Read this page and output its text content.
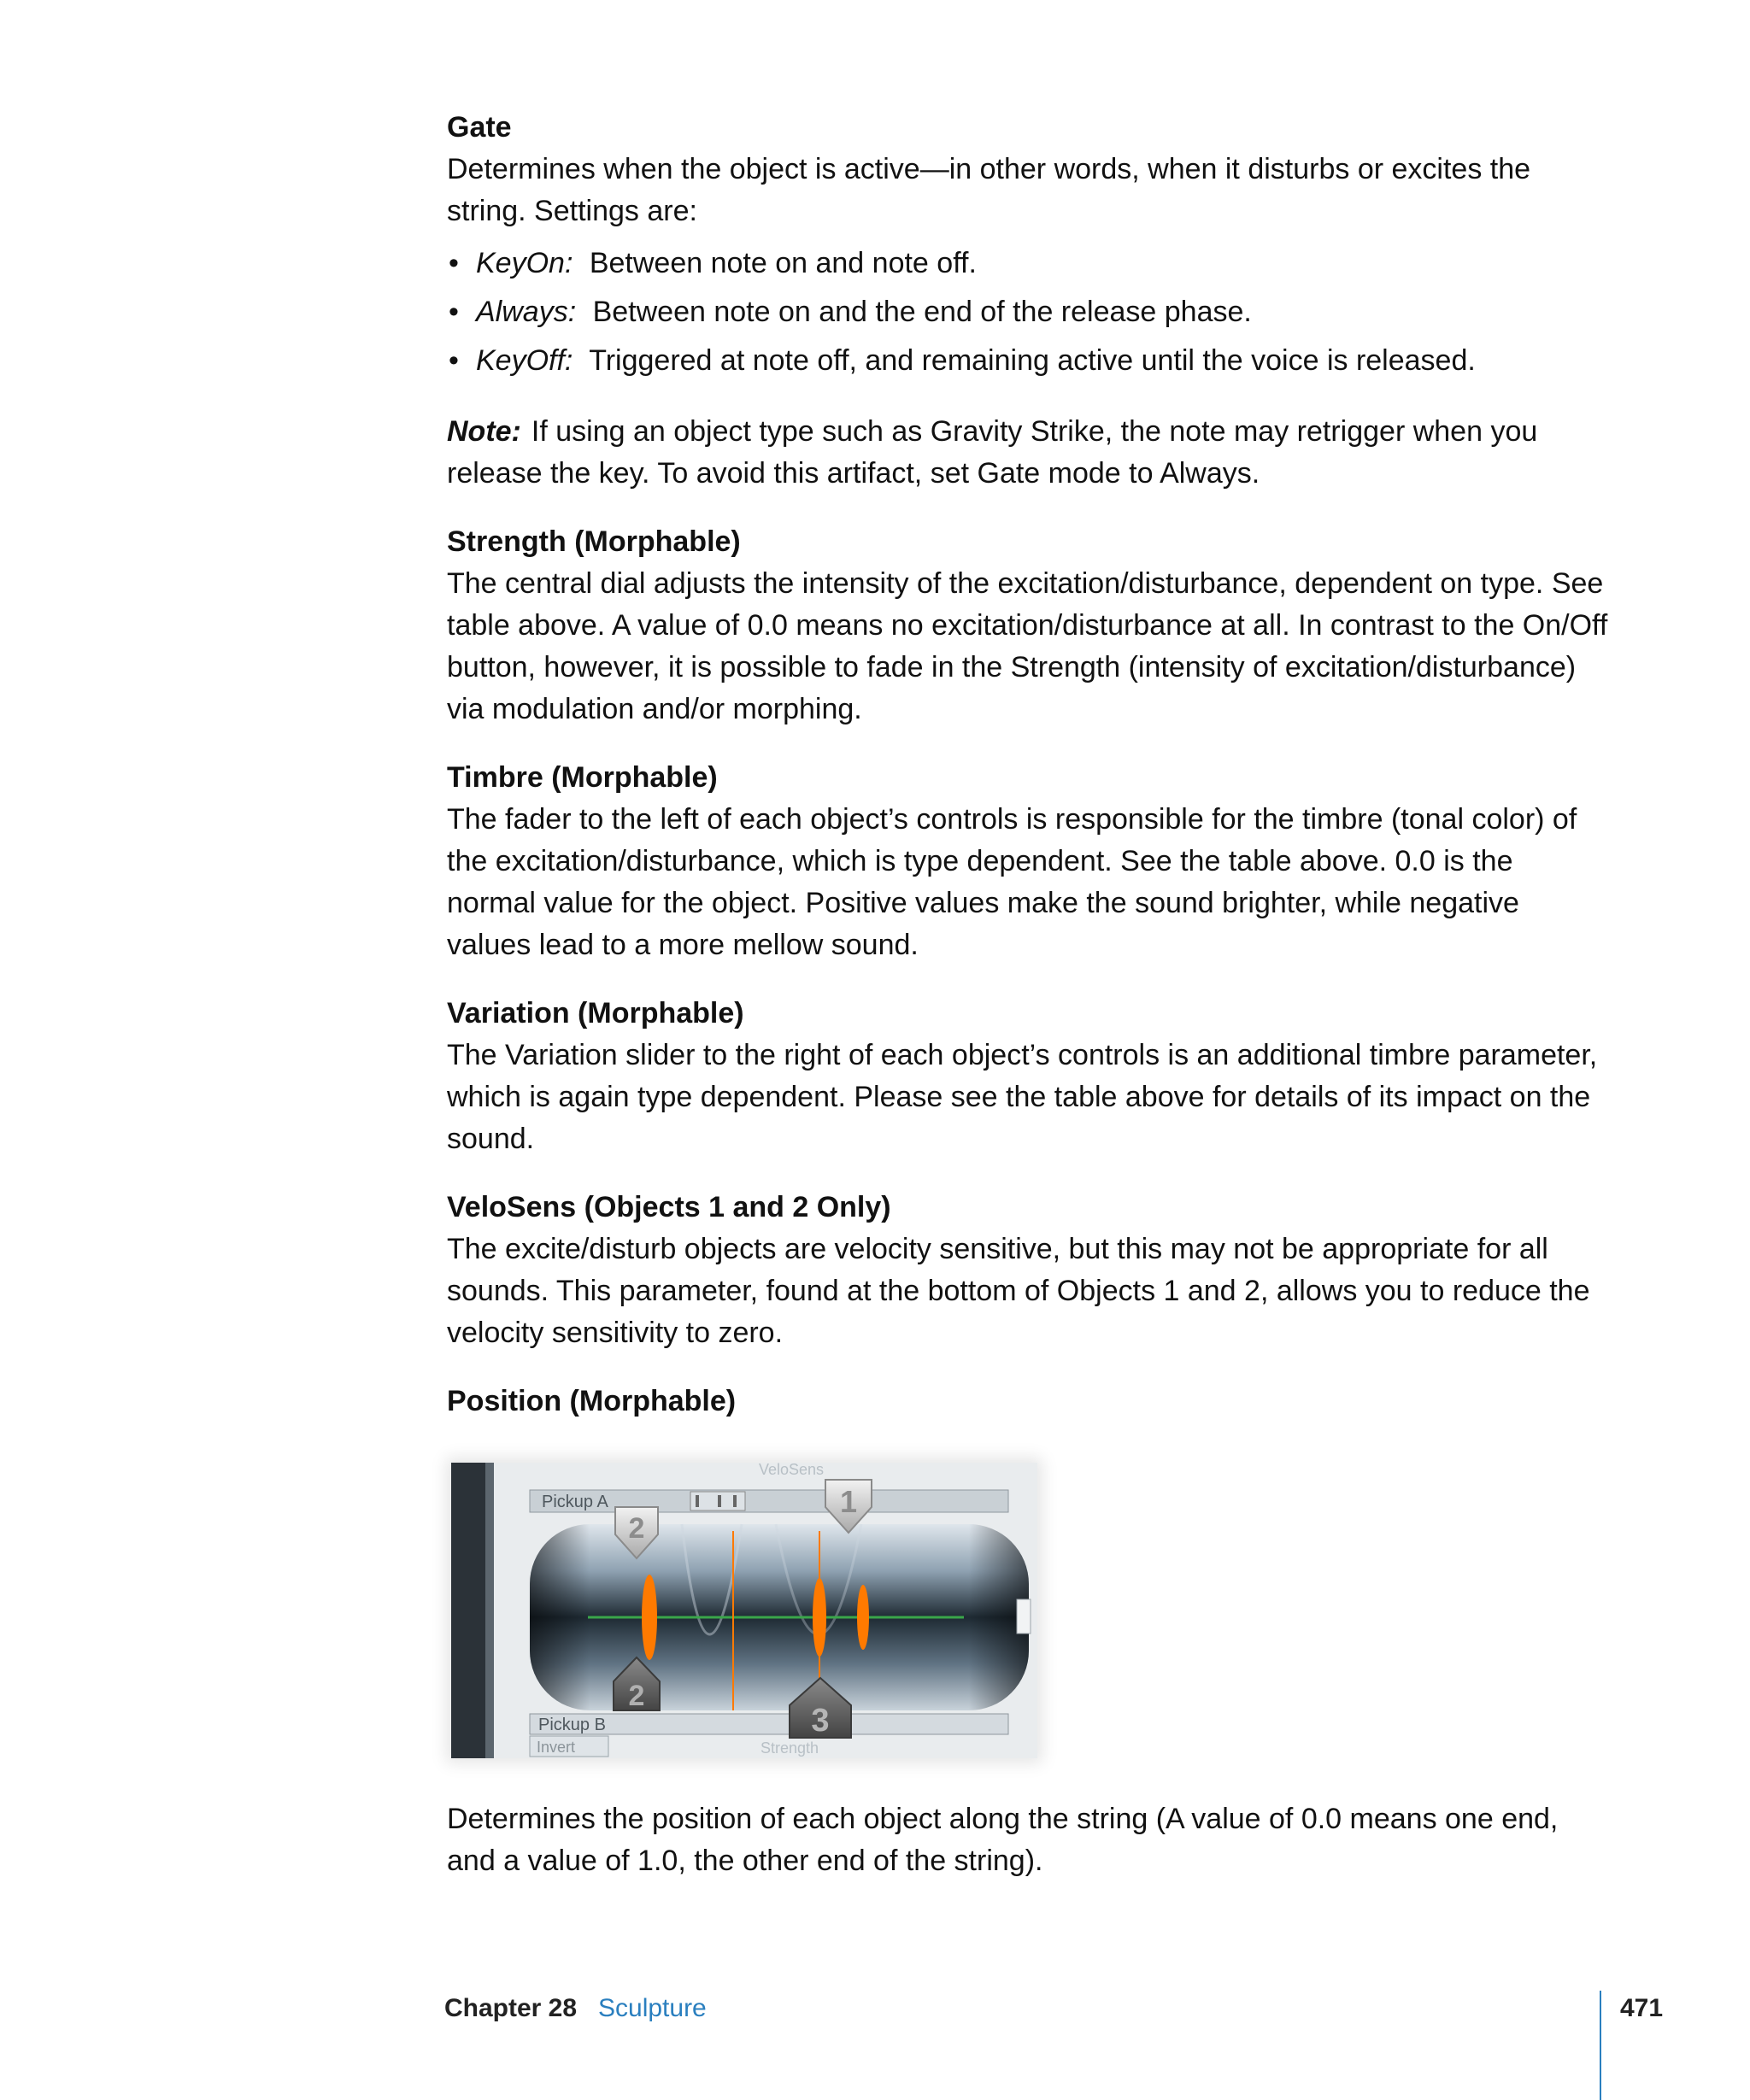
Gate

Determines when the object is active—in other words, when it disturbs or excites the string. Settings are:

• KeyOn: Between note on and note off.
• Always: Between note on and the end of the release phase.
• KeyOff: Triggered at note off, and remaining active until the voice is released.

Note: If using an object type such as Gravity Strike, the note may retrigger when you release the key. To avoid this artifact, set Gate mode to Always.

Strength (Morphable)

The central dial adjusts the intensity of the excitation/disturbance, dependent on type. See table above. A value of 0.0 means no excitation/disturbance at all. In contrast to the On/Off button, however, it is possible to fade in the Strength (intensity of excitation/disturbance) via modulation and/or morphing.

Timbre (Morphable)

The fader to the left of each object’s controls is responsible for the timbre (tonal color) of the excitation/disturbance, which is type dependent. See the table above. 0.0 is the normal value for the object. Positive values make the sound brighter, while negative values lead to a more mellow sound.

Variation (Morphable)

The Variation slider to the right of each object’s controls is an additional timbre parameter, which is again type dependent. Please see the table above for details of its impact on the sound.

VeloSens (Objects 1 and 2 Only)

The excite/disturb objects are velocity sensitive, but this may not be appropriate for all sounds. This parameter, found at the bottom of Objects 1 and 2, allows you to reduce the velocity sensitivity to zero.

Position (Morphable)
VeloSens
Pickup A	1
2
2
Pickup B	3
Invert	Strength

Determines the position of each object along the string (A value of 0.0 means one end, and a value of 1.0, the other end of the string).

Chapter 28 Sculpture	471
